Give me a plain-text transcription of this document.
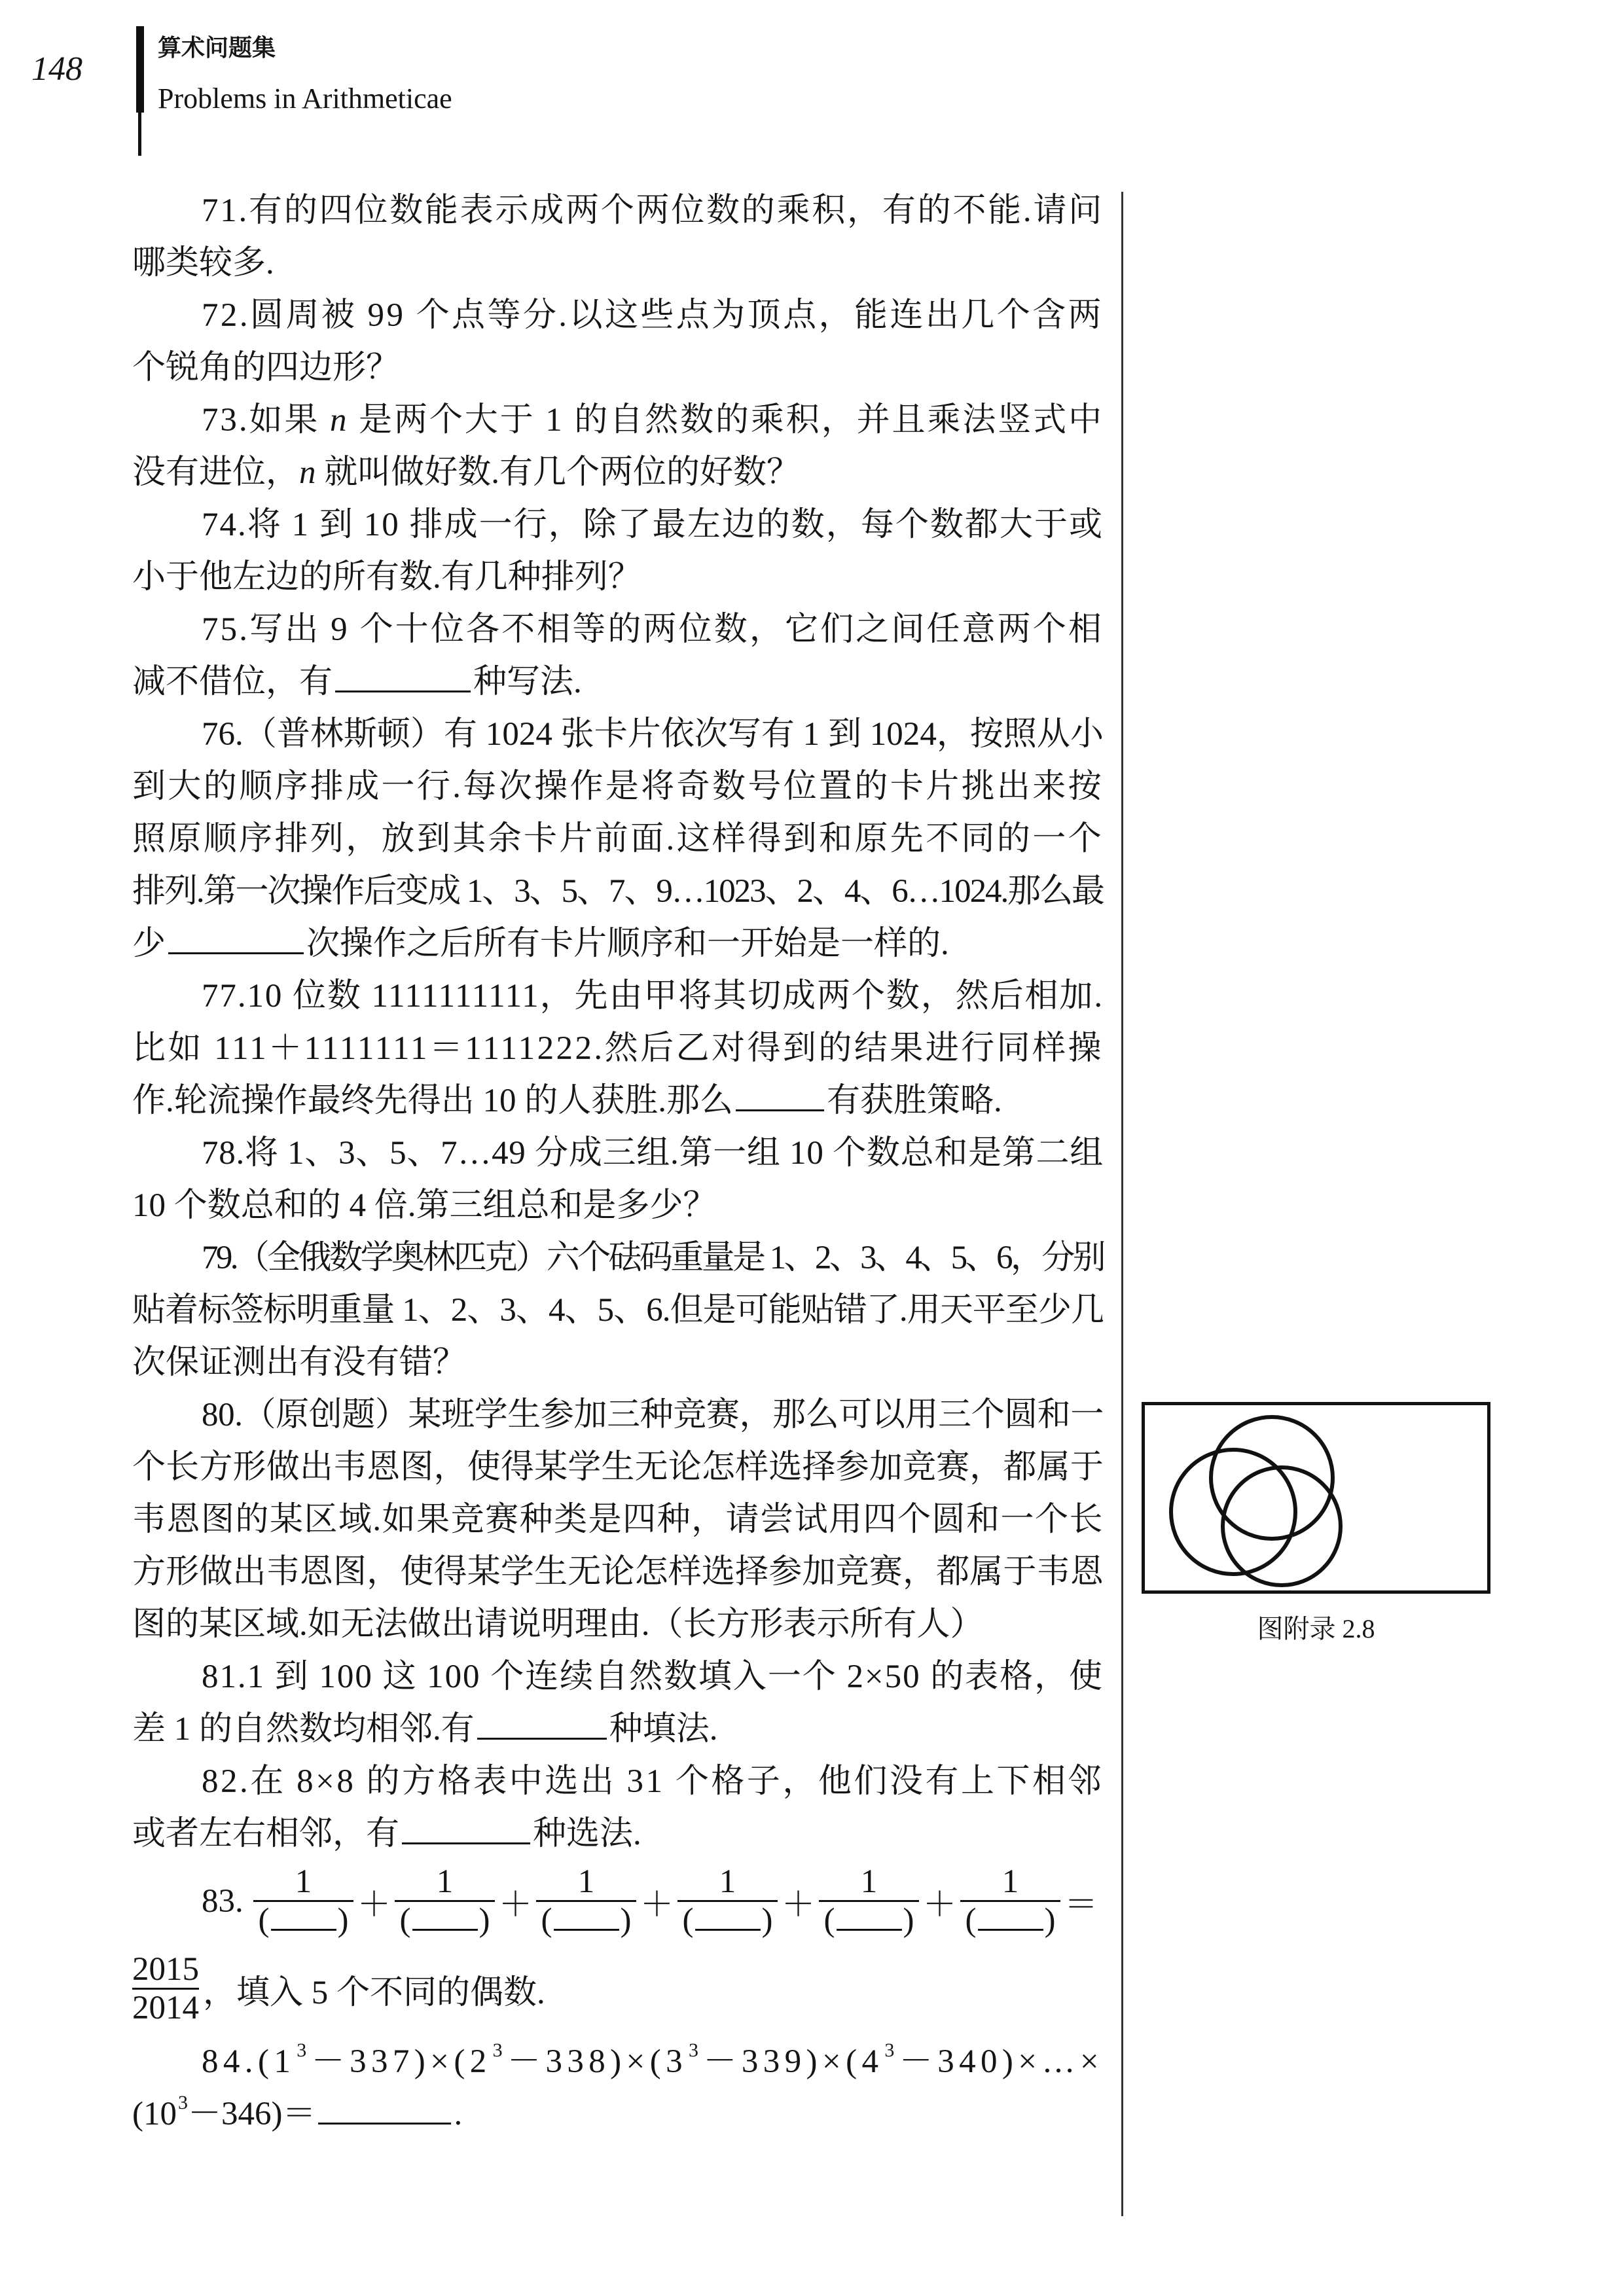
148
算术问题集
Problems in Arithmeticae
71.有的四位数能表示成两个两位数的乘积，有的不能.请问
哪类较多.
72.圆周被 99 个点等分.以这些点为顶点，能连出几个含两
个锐角的四边形？
73.如果 n 是两个大于 1 的自然数的乘积，并且乘法竖式中
没有进位，n 就叫做好数.有几个两位的好数？
74.将 1 到 10 排成一行，除了最左边的数，每个数都大于或
小于他左边的所有数.有几种排列？
75.写出 9 个十位各不相等的两位数，它们之间任意两个相
减不借位，有	种写法.
76.（普林斯顿）有 1024 张卡片依次写有 1 到 1024，按照从小
到大的顺序排成一行.每次操作是将奇数号位置的卡片挑出来按
照原顺序排列，放到其余卡片前面.这样得到和原先不同的一个
排列.第一次操作后变成 1、3、5、7、9…1023、2、4、6…1024.那么最
少	次操作之后所有卡片顺序和一开始是一样的.
77.10 位数 1111111111，先由甲将其切成两个数，然后相加.
比如 111＋1111111＝1111222.然后乙对得到的结果进行同样操
作.轮流操作最终先得出 10 的人获胜.那么	有获胜策略.
78.将 1、3、5、7…49 分成三组.第一组 10 个数总和是第二组
10 个数总和的 4 倍.第三组总和是多少？
79.（全俄数学奥林匹克）六个砝码重量是 1、2、3、4、5、6，分别
贴着标签标明重量 1、2、3、4、5、6.但是可能贴错了.用天平至少几
次保证测出有没有错？
80.（原创题）某班学生参加三种竞赛，那么可以用三个圆和一
个长方形做出韦恩图，使得某学生无论怎样选择参加竞赛，都属于
韦恩图的某区域.如果竞赛种类是四种，请尝试用四个圆和一个长
方形做出韦恩图，使得某学生无论怎样选择参加竞赛，都属于韦恩
图的某区域.如无法做出请说明理由.（长方形表示所有人）
81.1 到 100 这 100 个连续自然数填入一个 2×50 的表格，使
差 1 的自然数均相邻.有	种填法.
82.在 8×8 的方格表中选出 31 个格子，他们没有上下相邻
或者左右相邻，有	种选法.
83. $\frac{1}{( )} + \frac{1}{( )} + \frac{1}{( )} + \frac{1}{( )} + \frac{1}{( )} + \frac{1}{( )}$ ＝
$\frac{2015}{2014}$ ，填入 5 个不同的偶数.
$84.(1^3-337)\times(2^3-338)\times(3^3-339)\times(4^3-340)\times\dots\times$
$(10^3-346)=$	.
图附录 2.8
